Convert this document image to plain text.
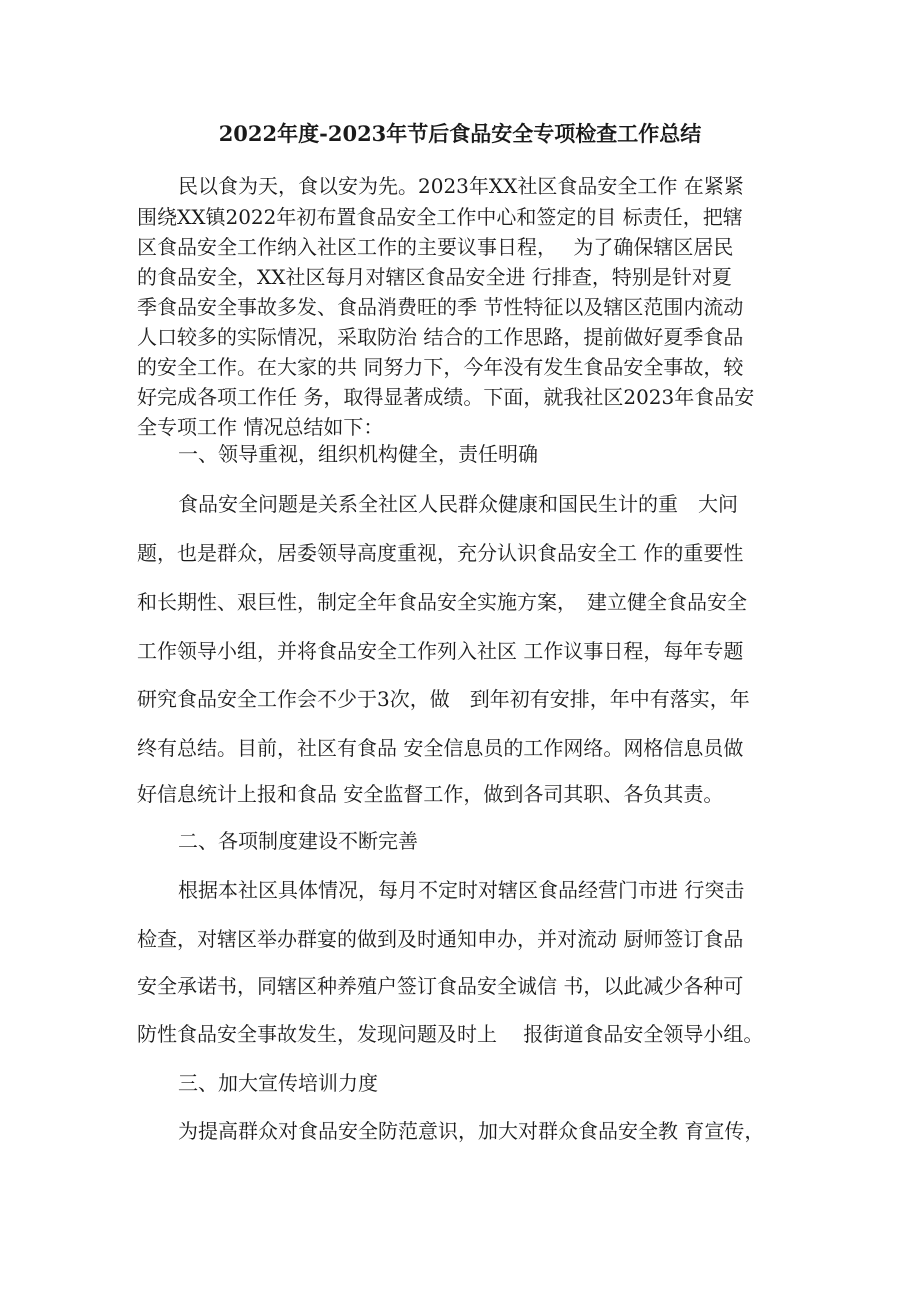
2022年度-2023年节后食品安全专项检查工作总结
民以食为天，食以安为先。2023年XX社区食品安全工作 在紧紧
围绕XX镇2022年初布置食品安全工作中心和签定的目 标责任，把辖
区食品安全工作纳入社区工作的主要议事日程，　 为了确保辖区居民
的食品安全，XX社区每月对辖区食品安全进 行排查，特别是针对夏
季食品安全事故多发、食品消费旺的季 节性特征以及辖区范围内流动
人口较多的实际情况，采取防治 结合的工作思路，提前做好夏季食品
的安全工作。在大家的共 同努力下，今年没有发生食品安全事故，较
好完成各项工作任 务，取得显著成绩。下面，就我社区2023年食品安
全专项工作 情况总结如下：
一、领导重视，组织机构健全，责任明确
食品安全问题是关系全社区人民群众健康和国民生计的重　大问
题，也是群众，居委领导高度重视，充分认识食品安全工 作的重要性
和长期性、艰巨性，制定全年食品安全实施方案，　建立健全食品安全
工作领导小组，并将食品安全工作列入社区 工作议事日程，每年专题
研究食品安全工作会不少于3次，做　到年初有安排，年中有落实，年
终有总结。目前，社区有食品 安全信息员的工作网络。网格信息员做
好信息统计上报和食品 安全监督工作，做到各司其职、各负其责。
二、各项制度建设不断完善
根据本社区具体情况，每月不定时对辖区食品经营门市进 行突击
检查，对辖区举办群宴的做到及时通知申办，并对流动 厨师签订食品
安全承诺书，同辖区种养殖户签订食品安全诚信 书，以此减少各种可
防性食品安全事故发生，发现问题及时上　 报街道食品安全领导小组。
三、加大宣传培训力度
为提高群众对食品安全防范意识，加大对群众食品安全教 育宣传，
